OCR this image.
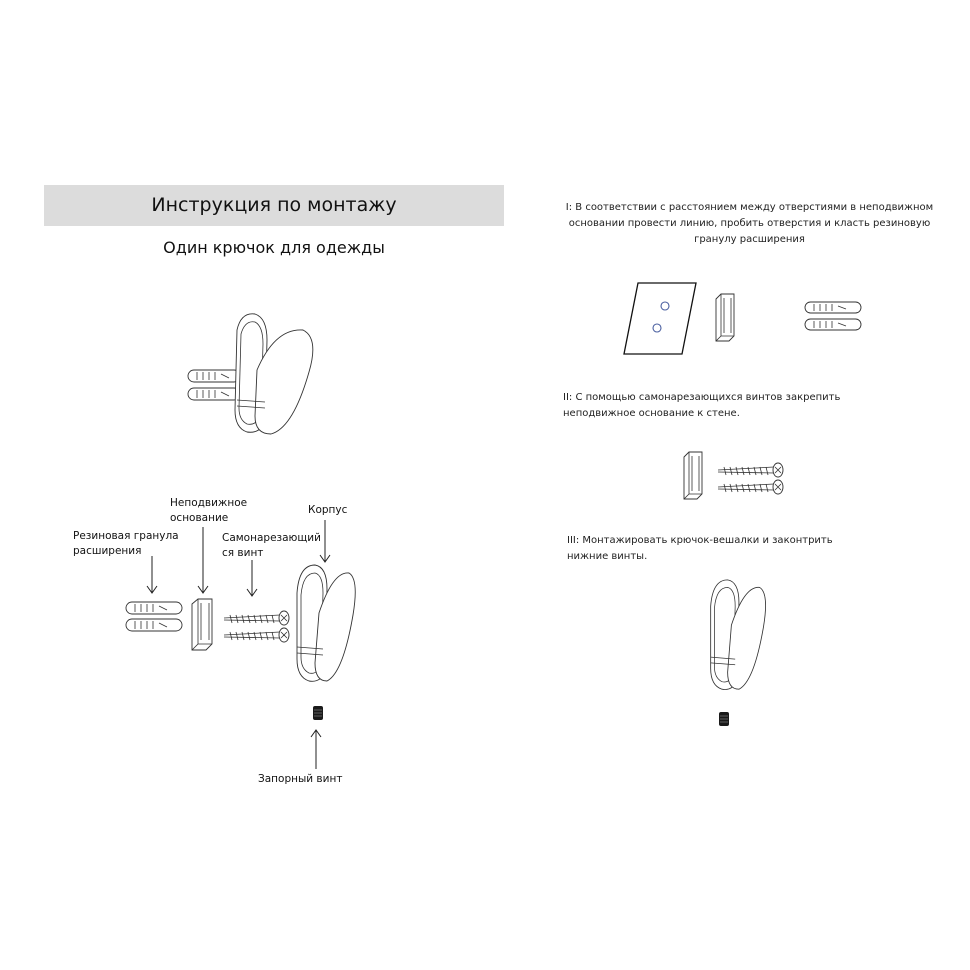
Инструкция по монтажу
Один крючок для одежды
Неподвижное
основание
Корпус
Резиновая гранула
расширения
Самонарезающий
ся винт
Запорный винт
I: В соответствии с расстоянием между отверстиями в неподвижном
основании провести линию, пробить отверстия и класть резиновую
гранулу расширения
II: С помощью самонарезающихся винтов закрепить
неподвижное основание к стене.
III: Монтажировать крючок-вешалки и законтрить
нижние винты.
